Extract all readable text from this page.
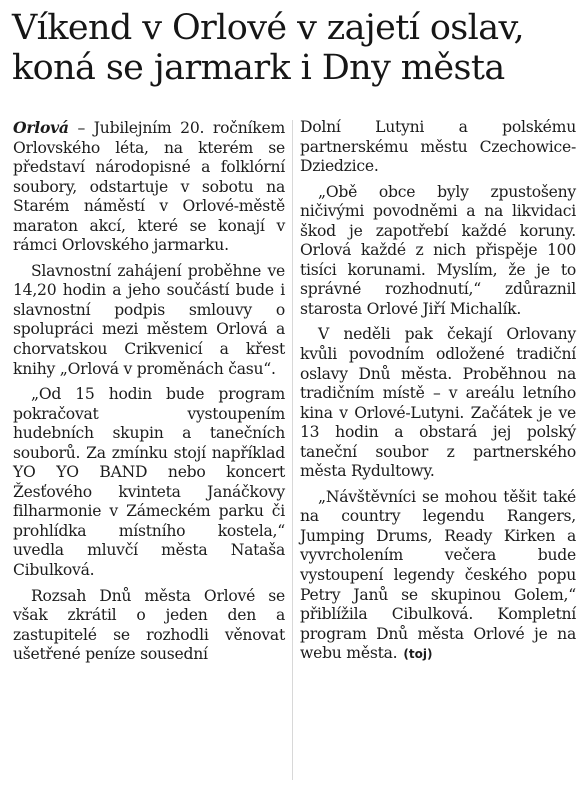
Víkend v Orlové v zajetí oslav,
koná se jarmark i Dny města

Orlová – Jubilejním 20. ročníkem Orlovského léta, na kterém se představí národopisné a folklórní soubory, odstartuje v sobotu na Starém náměstí v Orlové-městě maraton akcí, které se konají v rámci Orlovského jarmarku.

Slavnostní zahájení proběhne ve 14,20 hodin a jeho součástí bude i slavnostní podpis smlouvy o spolupráci mezi městem Orlová a chorvatskou Crikvenicí a křest knihy „Orlová v proměnách času“.

„Od 15 hodin bude program pokračovat vystoupením hudebních skupin a tanečních souborů. Za zmínku stojí například YO YO BAND nebo koncert Žesťového kvinteta Janáčkovy filharmonie v Zámeckém parku či prohlídka místního kostela,“ uvedla mluvčí města Nataša Cibulková.

Rozsah Dnů města Orlové se však zkrátil o jeden den a zastupitelé se rozhodli věnovat ušetřené peníze sousední

Dolní Lutyni a polskému partnerskému městu Czechowice-Dziedzice.

„Obě obce byly zpustošeny ničivými povodněmi a na likvidaci škod je zapotřebí každé koruny. Orlová každé z nich přispěje 100 tisíci korunami. Myslím, že je to správné rozhodnutí,“ zdůraznil starosta Orlové Jiří Michalík.

V neděli pak čekají Orlovany kvůli povodním odložené tradiční oslavy Dnů města. Proběhnou na tradičním místě – v areálu letního kina v Orlové-Lutyni. Začátek je ve 13 hodin a obstará jej polský taneční soubor z partnerského města Rydultowy.

„Návštěvníci se mohou těšit také na country legendu Rangers, Jumping Drums, Ready Kirken a vyvrcholením večera bude vystoupení legendy českého popu Petry Janů se skupinou Golem,“ přiblížila Cibulková. Kompletní program Dnů města Orlové je na webu města. (toj)
